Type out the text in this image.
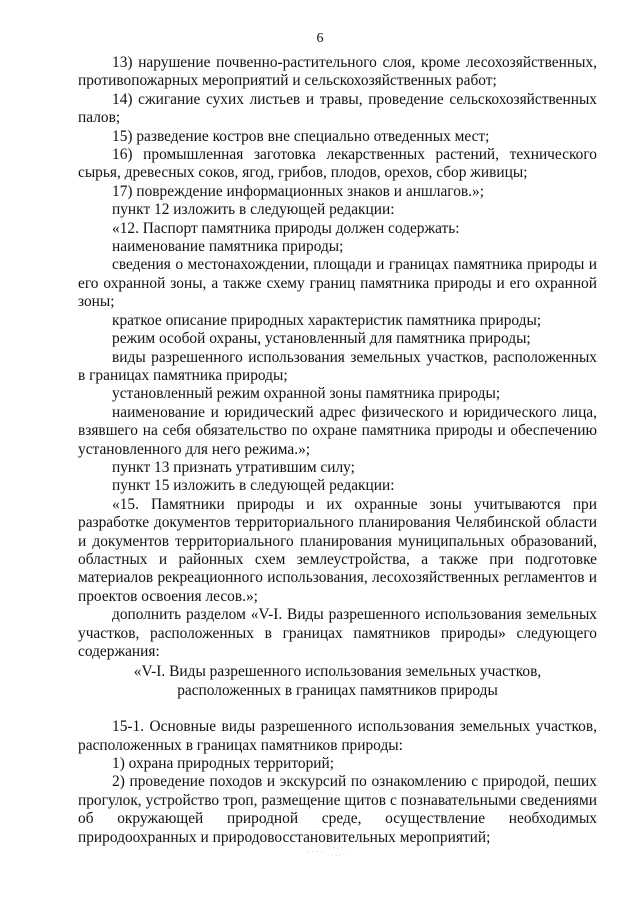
6

13) нарушение почвенно-растительного слоя, кроме лесохозяйственных, противопожарных мероприятий и сельскохозяйственных работ;

14) сжигание сухих листьев и травы, проведение сельскохозяйственных палов;

15) разведение костров вне специально отведенных мест;

16) промышленная заготовка лекарственных растений, технического сырья, древесных соков, ягод, грибов, плодов, орехов, сбор живицы;

17) повреждение информационных знаков и аншлагов.»;

пункт 12 изложить в следующей редакции:

«12. Паспорт памятника природы должен содержать:

наименование памятника природы;

сведения о местонахождении, площади и границах памятника природы и его охранной зоны, а также схему границ памятника природы и его охранной зоны;

краткое описание природных характеристик памятника природы;

режим особой охраны, установленный для памятника природы;

виды разрешенного использования земельных участков, расположенных в границах памятника природы;

установленный режим охранной зоны памятника природы;

наименование и юридический адрес физического и юридического лица, взявшего на себя обязательство по охране памятника природы и обеспечению установленного для него режима.»;

пункт 13 признать утратившим силу;

пункт 15 изложить в следующей редакции:

«15. Памятники природы и их охранные зоны учитываются при разработке документов территориального планирования Челябинской области и документов территориального планирования муниципальных образований, областных и районных схем землеустройства, а также при подготовке материалов рекреационного использования, лесохозяйственных регламентов и проектов освоения лесов.»;

дополнить разделом «V-I. Виды разрешенного использования земельных участков, расположенных в границах памятников природы» следующего содержания:

«V-I. Виды разрешенного использования земельных участков,
расположенных в границах памятников природы

15-1. Основные виды разрешенного использования земельных участков, расположенных в границах памятников природы:

1) охрана природных территорий;

2) проведение походов и экскурсий по ознакомлению с природой, пеших прогулок, устройство троп, размещение щитов с познавательными сведениями об окружающей природной среде, осуществление необходимых природоохранных и природовосстановительных мероприятий;
